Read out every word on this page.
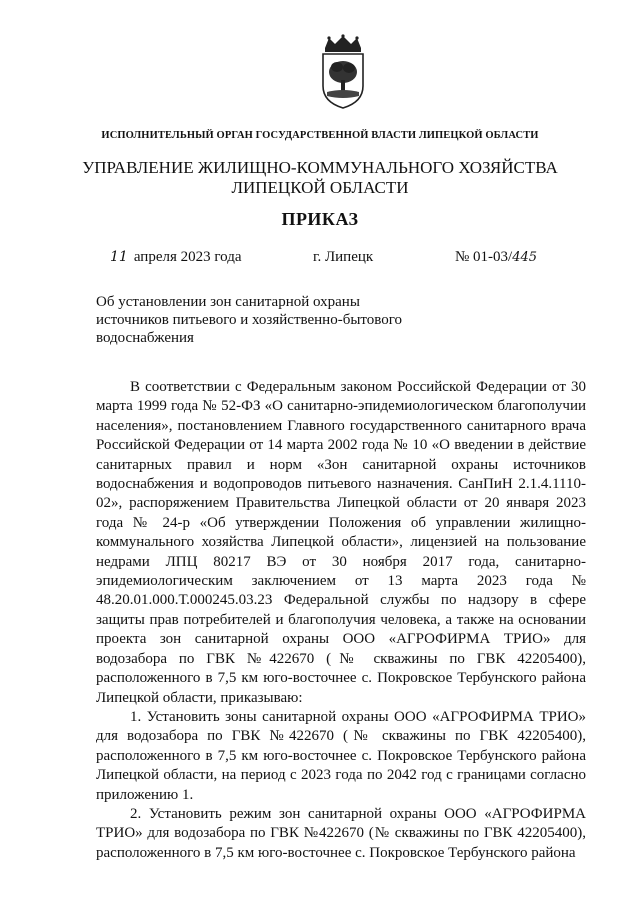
ИСПОЛНИТЕЛЬНЫЙ ОРГАН ГОСУДАРСТВЕННОЙ ВЛАСТИ ЛИПЕЦКОЙ ОБЛАСТИ
УПРАВЛЕНИЕ ЖИЛИЩНО-КОММУНАЛЬНОГО ХОЗЯЙСТВА
ЛИПЕЦКОЙ ОБЛАСТИ
ПРИКАЗ
11 апреля 2023 года	г. Липецк	№ 01-03/445
Об установлении зон санитарной охраны источников питьевого и хозяйственно-бытового водоснабжения

В соответствии с Федеральным законом Российской Федерации от 30 марта 1999 года № 52-ФЗ «О санитарно-эпидемиологическом благополучии населения», постановлением Главного государственного санитарного врача Российской Федерации от 14 марта 2002 года № 10 «О введении в действие санитарных правил и норм «Зон санитарной охраны источников водоснабжения и водопроводов питьевого назначения. СанПиН 2.1.4.1110-02», распоряжением Правительства Липецкой области от 20 января 2023 года № 24-р «Об утверждении Положения об управлении жилищно-коммунального хозяйства Липецкой области», лицензией на пользование недрами ЛПЦ 80217 ВЭ от 30 ноября 2017 года, санитарно-эпидемиологическим заключением от 13 марта 2023 года № 48.20.01.000.Т.000245.03.23 Федеральной службы по надзору в сфере защиты прав потребителей и благополучия человека, а также на основании проекта зон санитарной охраны ООО «АГРОФИРМА ТРИО» для водозабора по ГВК №422670 (№ скважины по ГВК 42205400), расположенного в 7,5 км юго-восточнее с. Покровское Тербунского района Липецкой области, приказываю:

1. Установить зоны санитарной охраны ООО «АГРОФИРМА ТРИО» для водозабора по ГВК №422670 (№ скважины по ГВК 42205400), расположенного в 7,5 км юго-восточнее с. Покровское Тербунского района Липецкой области, на период с 2023 года по 2042 год с границами согласно приложению 1.

2. Установить режим зон санитарной охраны ООО «АГРОФИРМА ТРИО» для водозабора по ГВК №422670 (№ скважины по ГВК 42205400), расположенного в 7,5 км юго-восточнее с. Покровское Тербунского района
